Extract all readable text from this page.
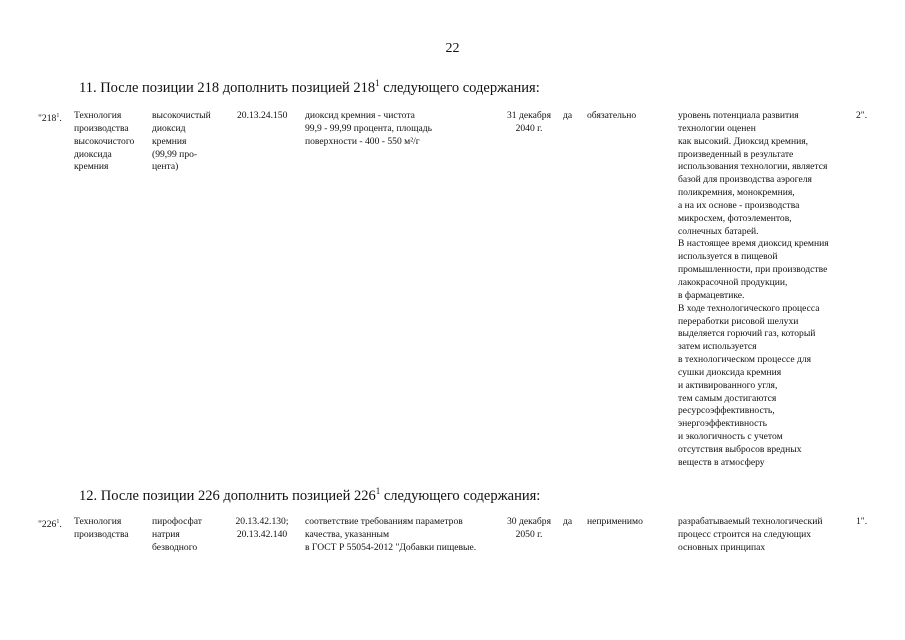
22
11. После позиции 218 дополнить позицией $218^1$ следующего содержания:
"$218^1$. Технология
производства
высокочистого
диоксида
кремния
высокочистый
диоксид
кремния
(99,99 про-
цента)
20.13.24.150 диоксид кремния - чистота
99,9 - 99,99 процента, площадь
поверхности - 400 - 550 м²/г
31 декабря
2040 г.
да обязательно	уровень потенциала развития
технологии оценен
как высокий. Диоксид кремния,
произведенный в результате
использования технологии, является
базой для производства аэрогеля
поликремния, монокремния,
а на их основе - производства
микросхем, фотоэлементов,
солнечных батарей.
В настоящее время диоксид кремния
используется в пищевой
промышленности, при производстве
лакокрасочной продукции,
в фармацевтике.
В ходе технологического процесса
переработки рисовой шелухи
выделяется горючий газ, который
затем используется
в технологическом процессе для
сушки диоксида кремния
и активированного угля,
тем самым достигаются
ресурсоэффективность,
энергоэффективность
и экологичность с учетом
отсутствия выбросов вредных
веществ в атмосферу
2".
12. После позиции 226 дополнить позицией $226^1$ следующего содержания:
"$226^1$. Технология
производства
пирофосфат
натрия
безводного
20.13.42.130;
20.13.42.140
соответствие требованиям параметров
качества, указанным
в ГОСТ Р 55054-2012 "Добавки пищевые.
30 декабря
2050 г.
да неприменимо	разрабатываемый технологический
процесс строится на следующих
основных принципах
1".
